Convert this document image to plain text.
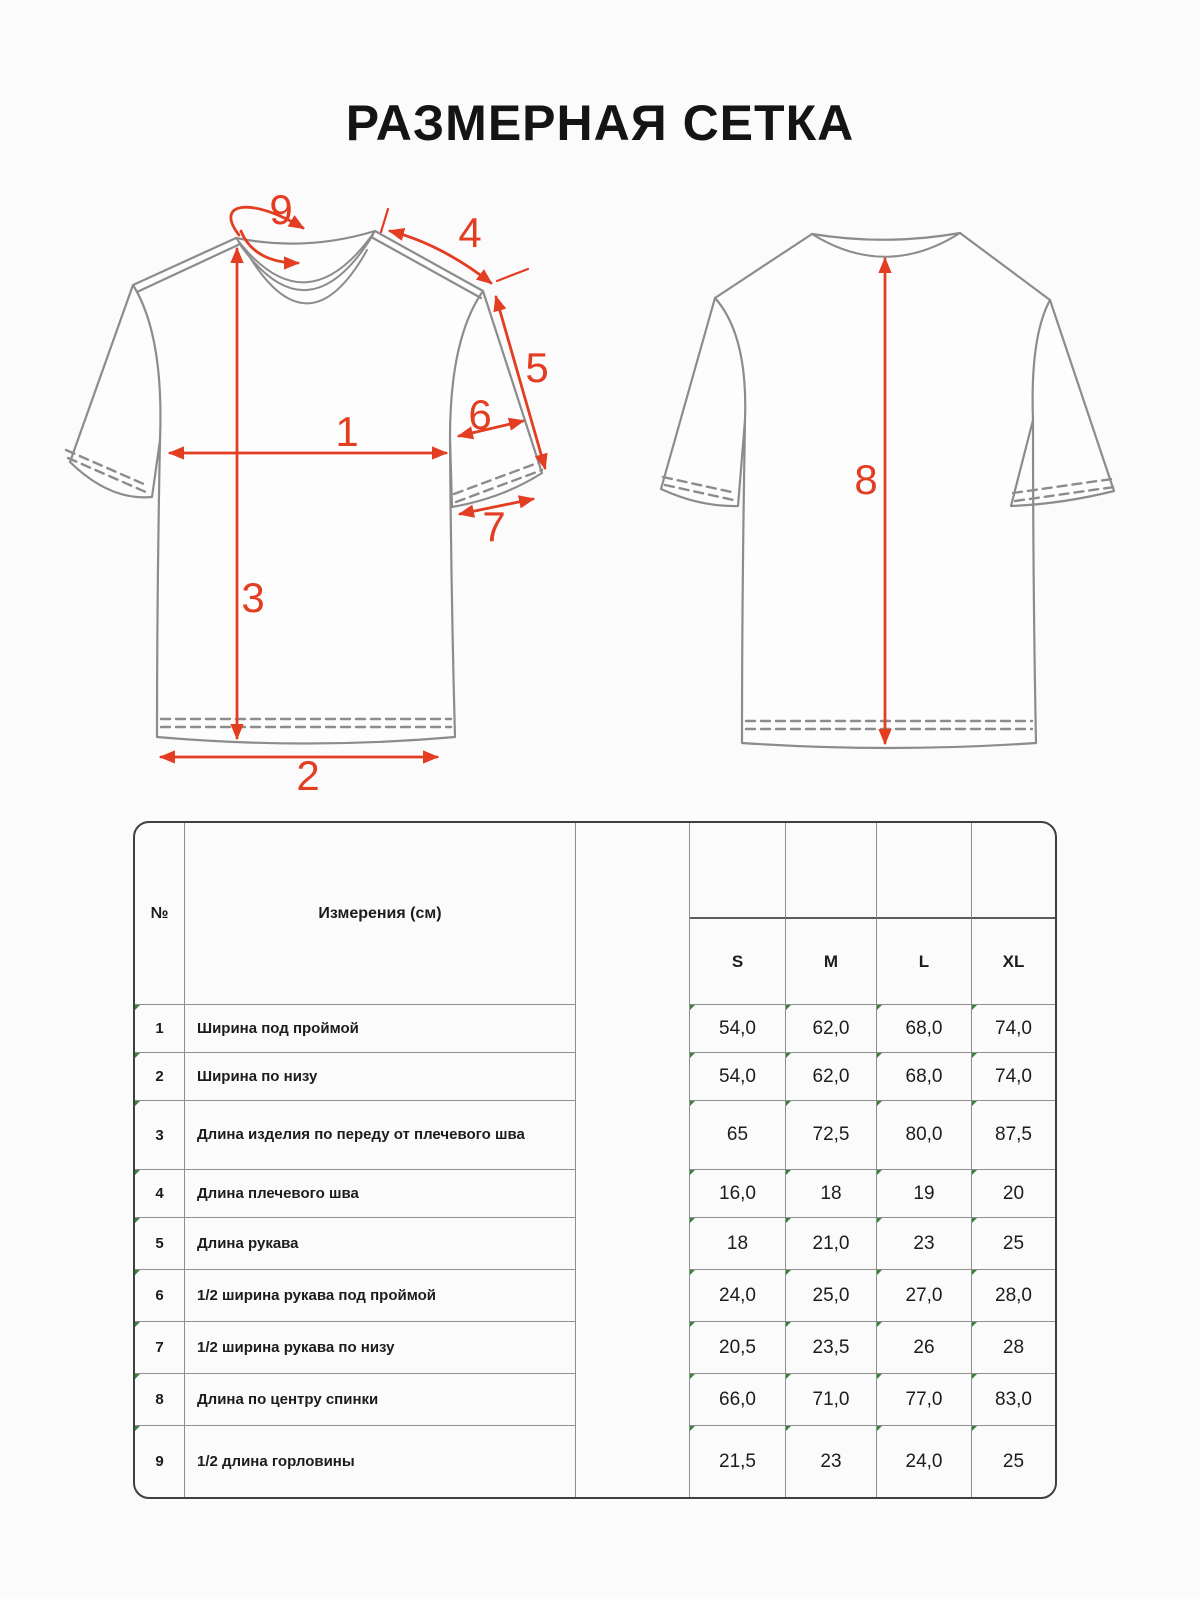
РАЗМЕРНАЯ СЕТКА
1
2
3
4
5
6
7
8
9
№	Измерения (см)
S	M	L	XL
1	Ширина под проймой	54,0	62,0	68,0	74,0
2	Ширина по низу	54,0	62,0	68,0	74,0
3	Длина изделия по переду от плечевого шва	65	72,5	80,0	87,5
4	Длина плечевого шва	16,0	18	19	20
5	Длина рукава	18	21,0	23	25
6	1/2 ширина рукава под проймой	24,0	25,0	27,0	28,0
7	1/2 ширина рукава по низу	20,5	23,5	26	28
8	Длина по центру спинки	66,0	71,0	77,0	83,0
9	1/2 длина горловины	21,5	23	24,0	25
